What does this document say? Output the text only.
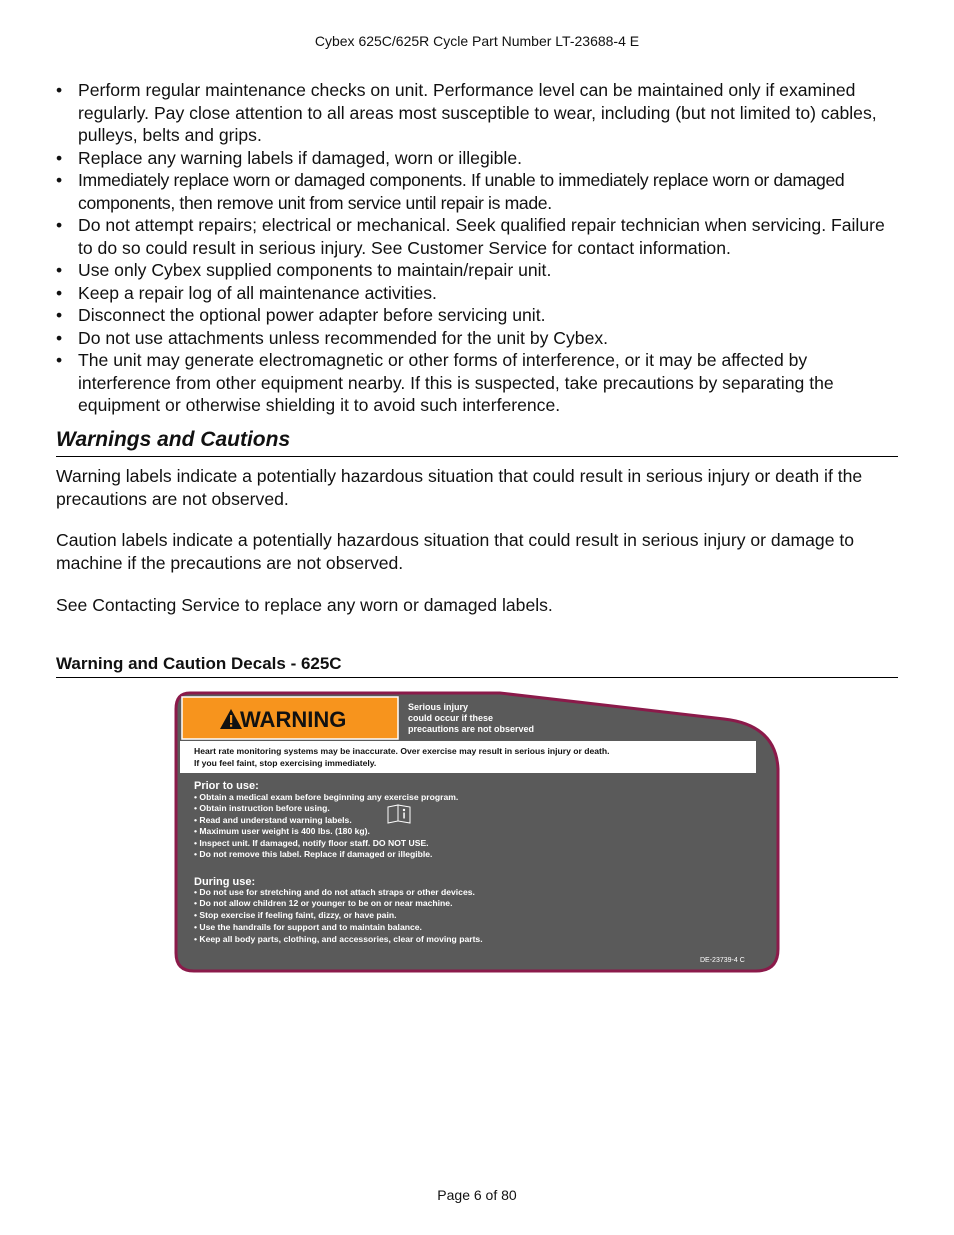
Cybex 625C/625R Cycle Part Number LT-23688-4 E
• Perform regular maintenance checks on unit. Performance level can be maintained only if examined regularly. Pay close attention to all areas most susceptible to wear, including (but not limited to) cables, pulleys, belts and grips.
• Replace any warning labels if damaged, worn or illegible.
• Immediately replace worn or damaged components. If unable to immediately replace worn or damaged components, then remove unit from service until repair is made.
• Do not attempt repairs; electrical or mechanical. Seek qualified repair technician when servicing. Failure to do so could result in serious injury. See Customer Service for contact information.
• Use only Cybex supplied components to maintain/repair unit.
• Keep a repair log of all maintenance activities.
• Disconnect the optional power adapter before servicing unit.
• Do not use attachments unless recommended for the unit by Cybex.
• The unit may generate electromagnetic or other forms of interference, or it may be affected by interference from other equipment nearby. If this is suspected, take precautions by separating the equipment or otherwise shielding it to avoid such interference.
Warnings and Cautions

Warning labels indicate a potentially hazardous situation that could result in serious injury or death if the precautions are not observed.

Caution labels indicate a potentially hazardous situation that could result in serious injury or damage to machine if the precautions are not observed.

See Contacting Service to replace any worn or damaged labels.

Warning and Caution Decals - 625C
WARNING	Serious injury
could occur if these
precautions are not observed
Heart rate monitoring systems may be inaccurate. Over exercise may result in serious injury or death.
If you feel faint, stop exercising immediately.
Prior to use:
• Obtain a medical exam before beginning any exercise program.
• Obtain instruction before using.
• Read and understand warning labels.
• Maximum user weight is 400 lbs. (180 kg).
• Inspect unit. If damaged, notify floor staff. DO NOT USE.
• Do not remove this label. Replace if damaged or illegible.
During use:
• Do not use for stretching and do not attach straps or other devices.
• Do not allow children 12 or younger to be on or near machine.
• Stop exercise if feeling faint, dizzy, or have pain.
• Use the handrails for support and to maintain balance.
• Keep all body parts, clothing, and accessories, clear of moving parts.
DE-23739-4 C
Page 6 of 80
